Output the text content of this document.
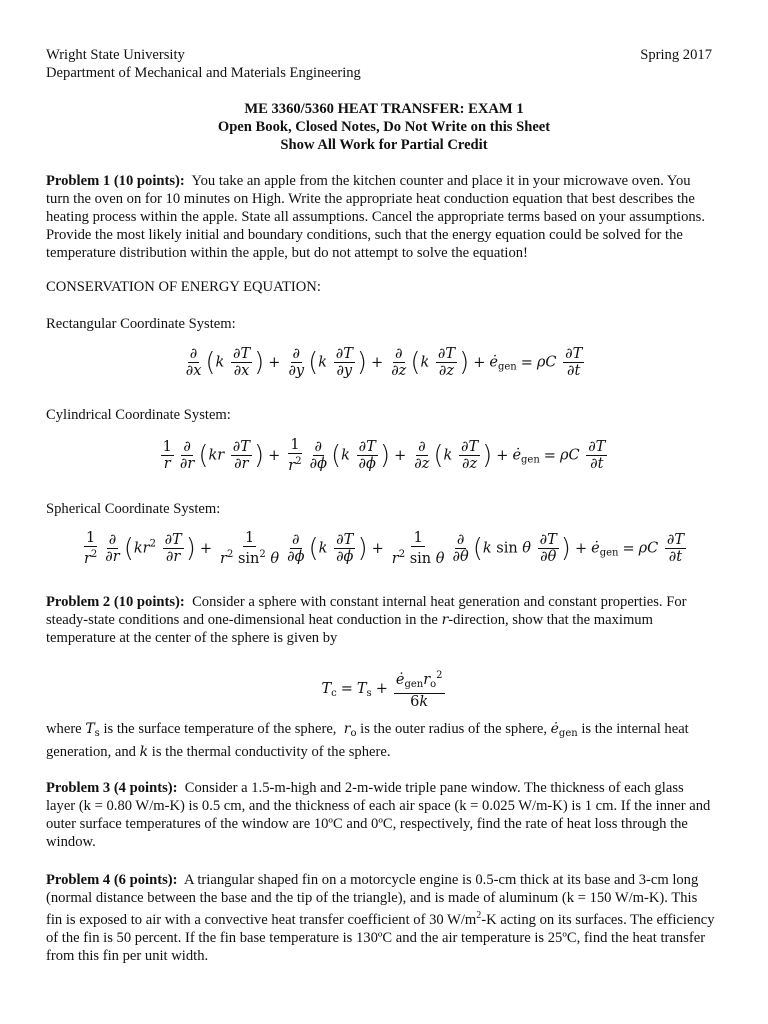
Wright State University	Spring 2017
Department of Mechanical and Materials Engineering
ME 3360/5360 HEAT TRANSFER: EXAM 1
Open Book, Closed Notes, Do Not Write on this Sheet
Show All Work for Partial Credit
Problem 1 (10 points): You take an apple from the kitchen counter and place it in your microwave oven. You turn the oven on for 10 minutes on High. Write the appropriate heat conduction equation that best describes the heating process within the apple. State all assumptions. Cancel the appropriate terms based on your assumptions. Provide the most likely initial and boundary conditions, such that the energy equation could be solved for the temperature distribution within the apple, but do not attempt to solve the equation!
CONSERVATION OF ENERGY EQUATION:
Rectangular Coordinate System:
$\frac{\partial}{\partial x} (k \frac{\partial T}{\partial x}$ ) + $\frac{\partial}{\partial y} (k \frac{\partial T}{\partial y}$ ) + $\frac{\partial}{\partial z} (k \frac{\partial T}{\partial z}$ ) + $ė_{gen} = \rho C \frac{\partial T}{\partial t}$
Cylindrical Coordinate System:
$\frac{1}{r} \frac{\partial}{\partial r} (kr \frac{\partial T}{\partial r}$ ) + $\frac{1}{r^2} \frac{\partial}{\partial\phi} (k \frac{\partial T}{\partial\phi}$ ) + $\frac{\partial}{\partial z} (k \frac{\partial T}{\partial z}$ ) + $ė_{gen} = \rho C \frac{\partial T}{\partial t}$
Spherical Coordinate System:
$\frac{1}{r^2} \frac{\partial}{\partial r} (kr^2 \frac{\partial T}{\partial r}$ ) + $\frac{1}{r^2 \sin^2 \theta} \frac{\partial}{\partial\phi} (k \frac{\partial T}{\partial\phi}$ ) + $\frac{1}{r^2 \sin \theta} \frac{\partial}{\partial\theta} (k$ sin θ $\frac{\partial T}{\partial\theta}$ ) + $ė_{gen} = \rho C \frac{\partial T}{\partial t}$
Problem 2 (10 points): Consider a sphere with constant internal heat generation and constant properties. For steady-state conditions and one-dimensional heat conduction in the r-direction, show that the maximum temperature at the center of the sphere is given by
$T_c = T_s + \frac{ė_{gen}r_o^2}{6k}$
where $T_s$ is the surface temperature of the sphere, $r_o$ is the outer radius of the sphere, $ė_{gen}$ is the internal heat generation, and k is the thermal conductivity of the sphere.
Problem 3 (4 points): Consider a 1.5-m-high and 2-m-wide triple pane window. The thickness of each glass layer (k = 0.80 W/m-K) is 0.5 cm, and the thickness of each air space (k = 0.025 W/m-K) is 1 cm. If the inner and outer surface temperatures of the window are 10ºC and 0ºC, respectively, find the rate of heat loss through the window.
Problem 4 (6 points): A triangular shaped fin on a motorcycle engine is 0.5-cm thick at its base and 3-cm long (normal distance between the base and the tip of the triangle), and is made of aluminum (k = 150 W/m-K). This fin is exposed to air with a convective heat transfer coefficient of 30 $W/m^2-K$ acting on its surfaces. The efficiency of the fin is 50 percent. If the fin base temperature is 130ºC and the air temperature is 25ºC, find the heat transfer from this fin per unit width.
